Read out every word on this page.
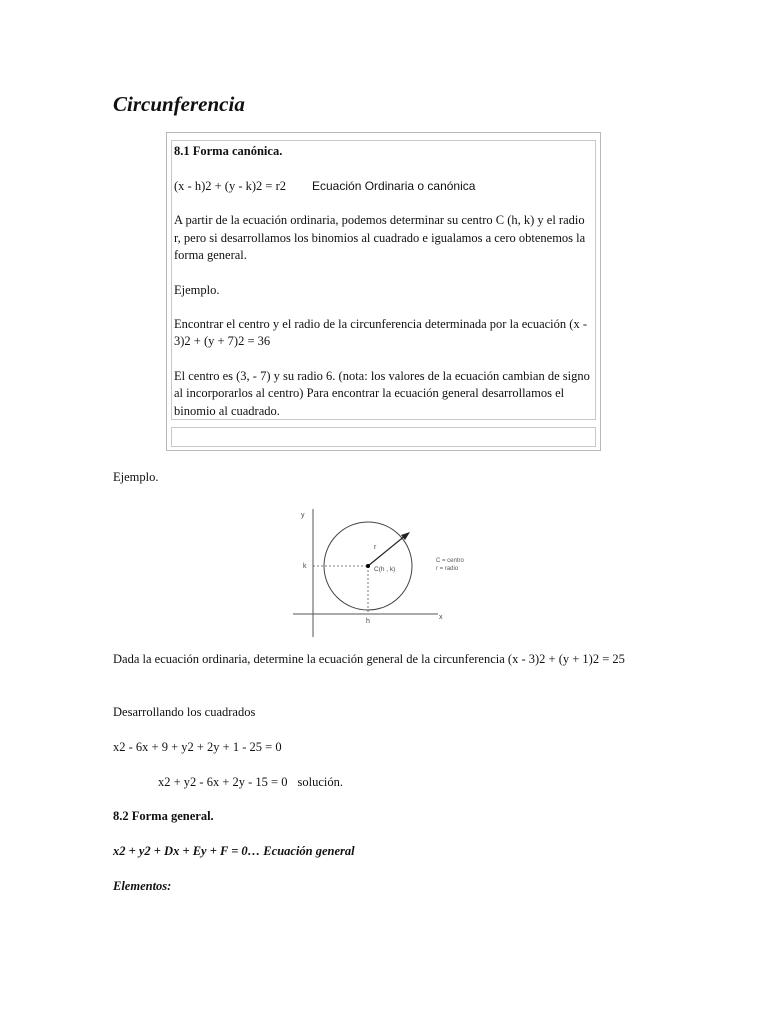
Circunferencia

8.1 Forma canónica.

(x - h)2 + (y - k)2 = r2 Ecuación Ordinaria o canónica

A partir de la ecuación ordinaria, podemos determinar su centro C (h, k) y el radio r, pero si desarrollamos los binomios al cuadrado e igualamos a cero obtenemos la forma general.

Ejemplo.

Encontrar el centro y el radio de la circunferencia determinada por la ecuación (x - 3)2 + (y + 7)2 = 36

El centro es (3, - 7) y su radio 6. (nota: los valores de la ecuación cambian de signo al incorporarlos al centro) Para encontrar la ecuación general desarrollamos el binomio al cuadrado.

Ejemplo.
y
x
k
h
r
C(h , k)
C = centro
r = radio
Dada la ecuación ordinaria, determine la ecuación general de la circunferencia (x - 3)2 + (y + 1)2 = 25
Desarrollando los cuadrados
x2 - 6x + 9 + y2 + 2y + 1 - 25 = 0
x2 + y2 - 6x + 2y - 15 = 0 solución.
8.2 Forma general.
x2 + y2 + Dx + Ey + F = 0… Ecuación general
Elementos:
